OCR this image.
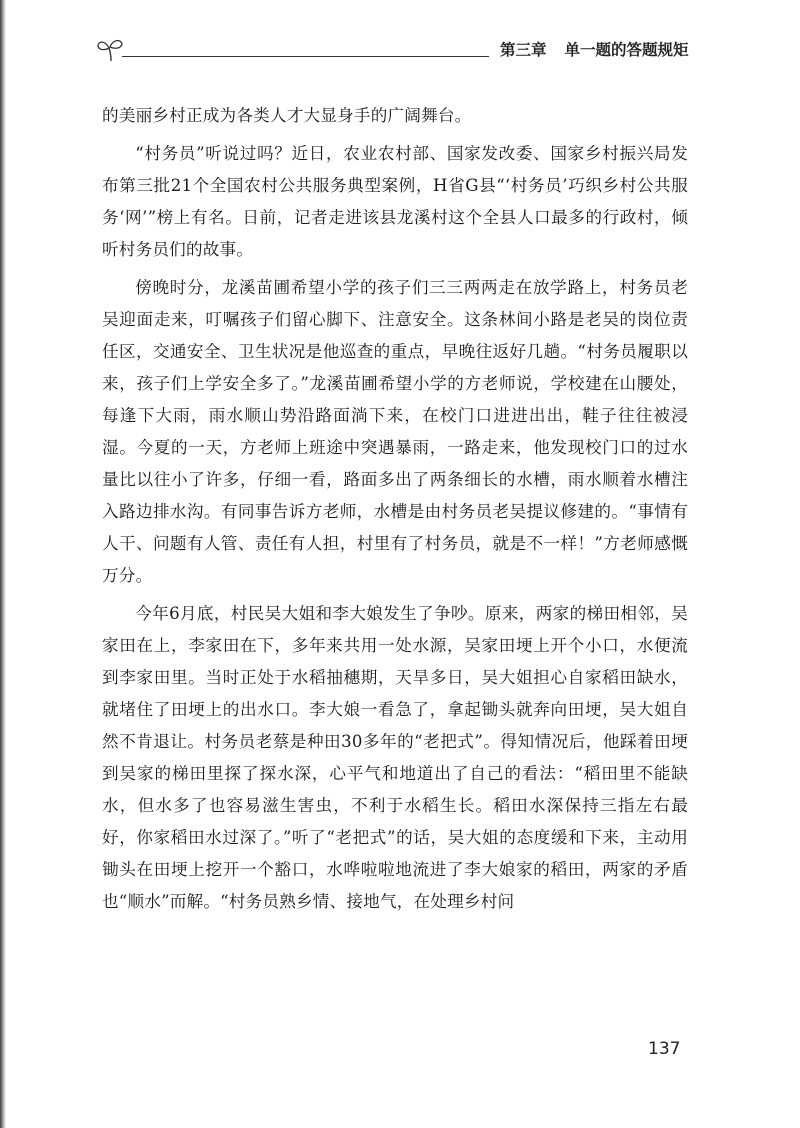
第三章 单一题的答题规矩

的美丽乡村正成为各类人才大显身手的广阔舞台。

“村务员”听说过吗？近日，农业农村部、国家发改委、国家乡村振兴局发布第三批21个全国农村公共服务典型案例，H省G县“‘村务员’巧织乡村公共服务‘网’”榜上有名。日前，记者走进该县龙溪村这个全县人口最多的行政村，倾听村务员们的故事。

傍晚时分，龙溪苗圃希望小学的孩子们三三两两走在放学路上，村务员老吴迎面走来，叮嘱孩子们留心脚下、注意安全。这条林间小路是老吴的岗位责任区，交通安全、卫生状况是他巡查的重点，早晚往返好几趟。“村务员履职以来，孩子们上学安全多了。”龙溪苗圃希望小学的方老师说，学校建在山腰处，每逢下大雨，雨水顺山势沿路面淌下来，在校门口进进出出，鞋子往往被浸湿。今夏的一天，方老师上班途中突遇暴雨，一路走来，他发现校门口的过水量比以往小了许多，仔细一看，路面多出了两条细长的水槽，雨水顺着水槽注入路边排水沟。有同事告诉方老师，水槽是由村务员老吴提议修建的。“事情有人干、问题有人管、责任有人担，村里有了村务员，就是不一样！”方老师感慨万分。

今年6月底，村民吴大姐和李大娘发生了争吵。原来，两家的梯田相邻，吴家田在上，李家田在下，多年来共用一处水源，吴家田埂上开个小口，水便流到李家田里。当时正处于水稻抽穗期，天旱多日，吴大姐担心自家稻田缺水，就堵住了田埂上的出水口。李大娘一看急了，拿起锄头就奔向田埂，吴大姐自然不肯退让。村务员老蔡是种田30多年的“老把式”。得知情况后，他踩着田埂到吴家的梯田里探了探水深，心平气和地道出了自己的看法：“稻田里不能缺水，但水多了也容易滋生害虫，不利于水稻生长。稻田水深保持三指左右最好，你家稻田水过深了。”听了“老把式”的话，吴大姐的态度缓和下来，主动用锄头在田埂上挖开一个豁口，水哗啦啦地流进了李大娘家的稻田，两家的矛盾也“顺水”而解。“村务员熟乡情、接地气，在处理乡村问

137
